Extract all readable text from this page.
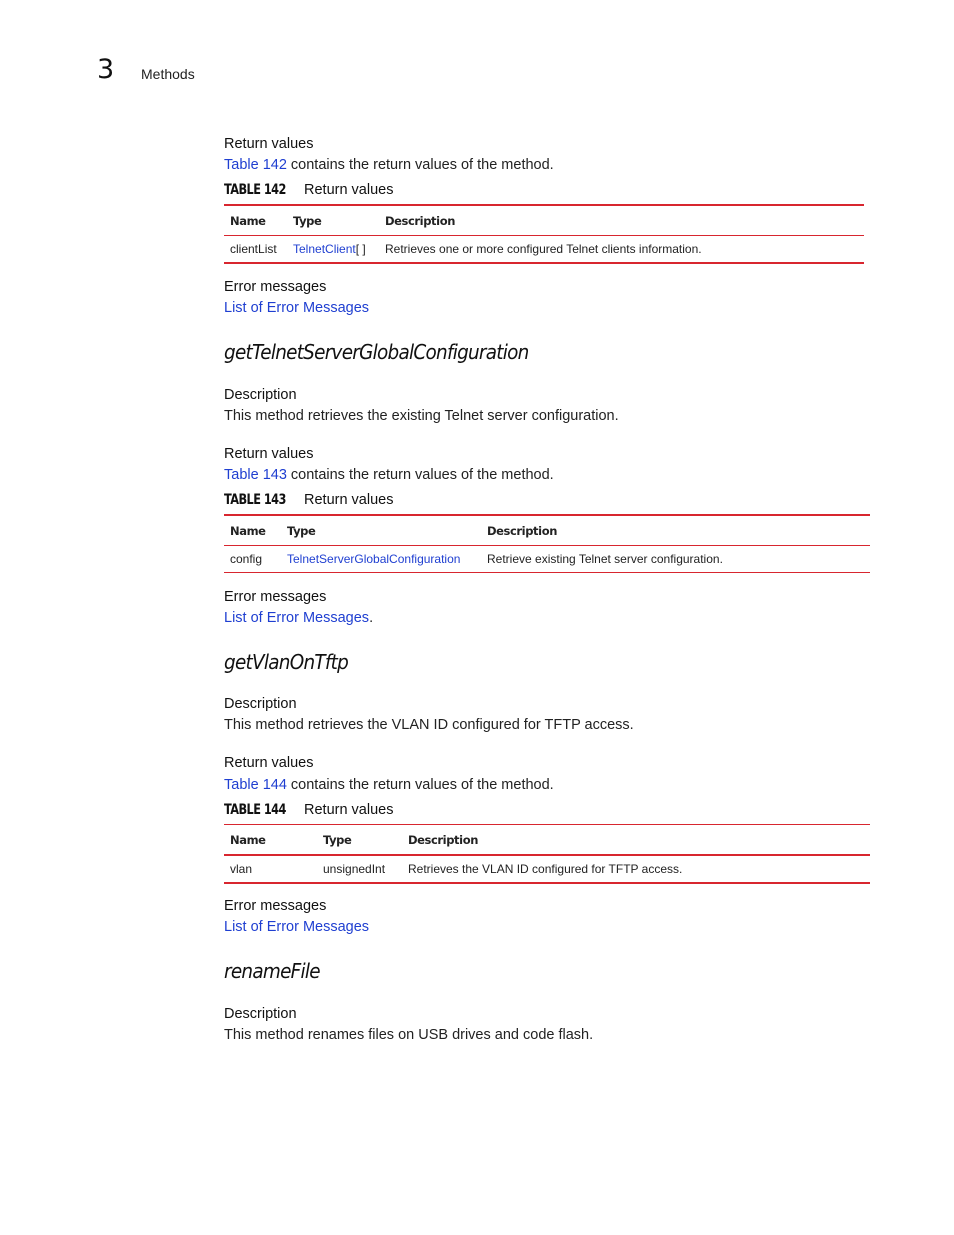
3 Methods
Return values
Table 142 contains the return values of the method.
TABLE 142 Return values
Name	Type	Description
clientList	TelnetClient[ ]	Retrieves one or more configured Telnet clients information.
Error messages
List of Error Messages
getTelnetServerGlobalConfiguration
Description
This method retrieves the existing Telnet server configuration.
Return values
Table 143 contains the return values of the method.
TABLE 143 Return values
Name	Type	Description
config	TelnetServerGlobalConfiguration	Retrieve existing Telnet server configuration.
Error messages
List of Error Messages.
getVlanOnTftp
Description
This method retrieves the VLAN ID configured for TFTP access.
Return values
Table 144 contains the return values of the method.
TABLE 144 Return values
Name	Type	Description
vlan	unsignedInt	Retrieves the VLAN ID configured for TFTP access.
Error messages
List of Error Messages
renameFile
Description
This method renames files on USB drives and code flash.
